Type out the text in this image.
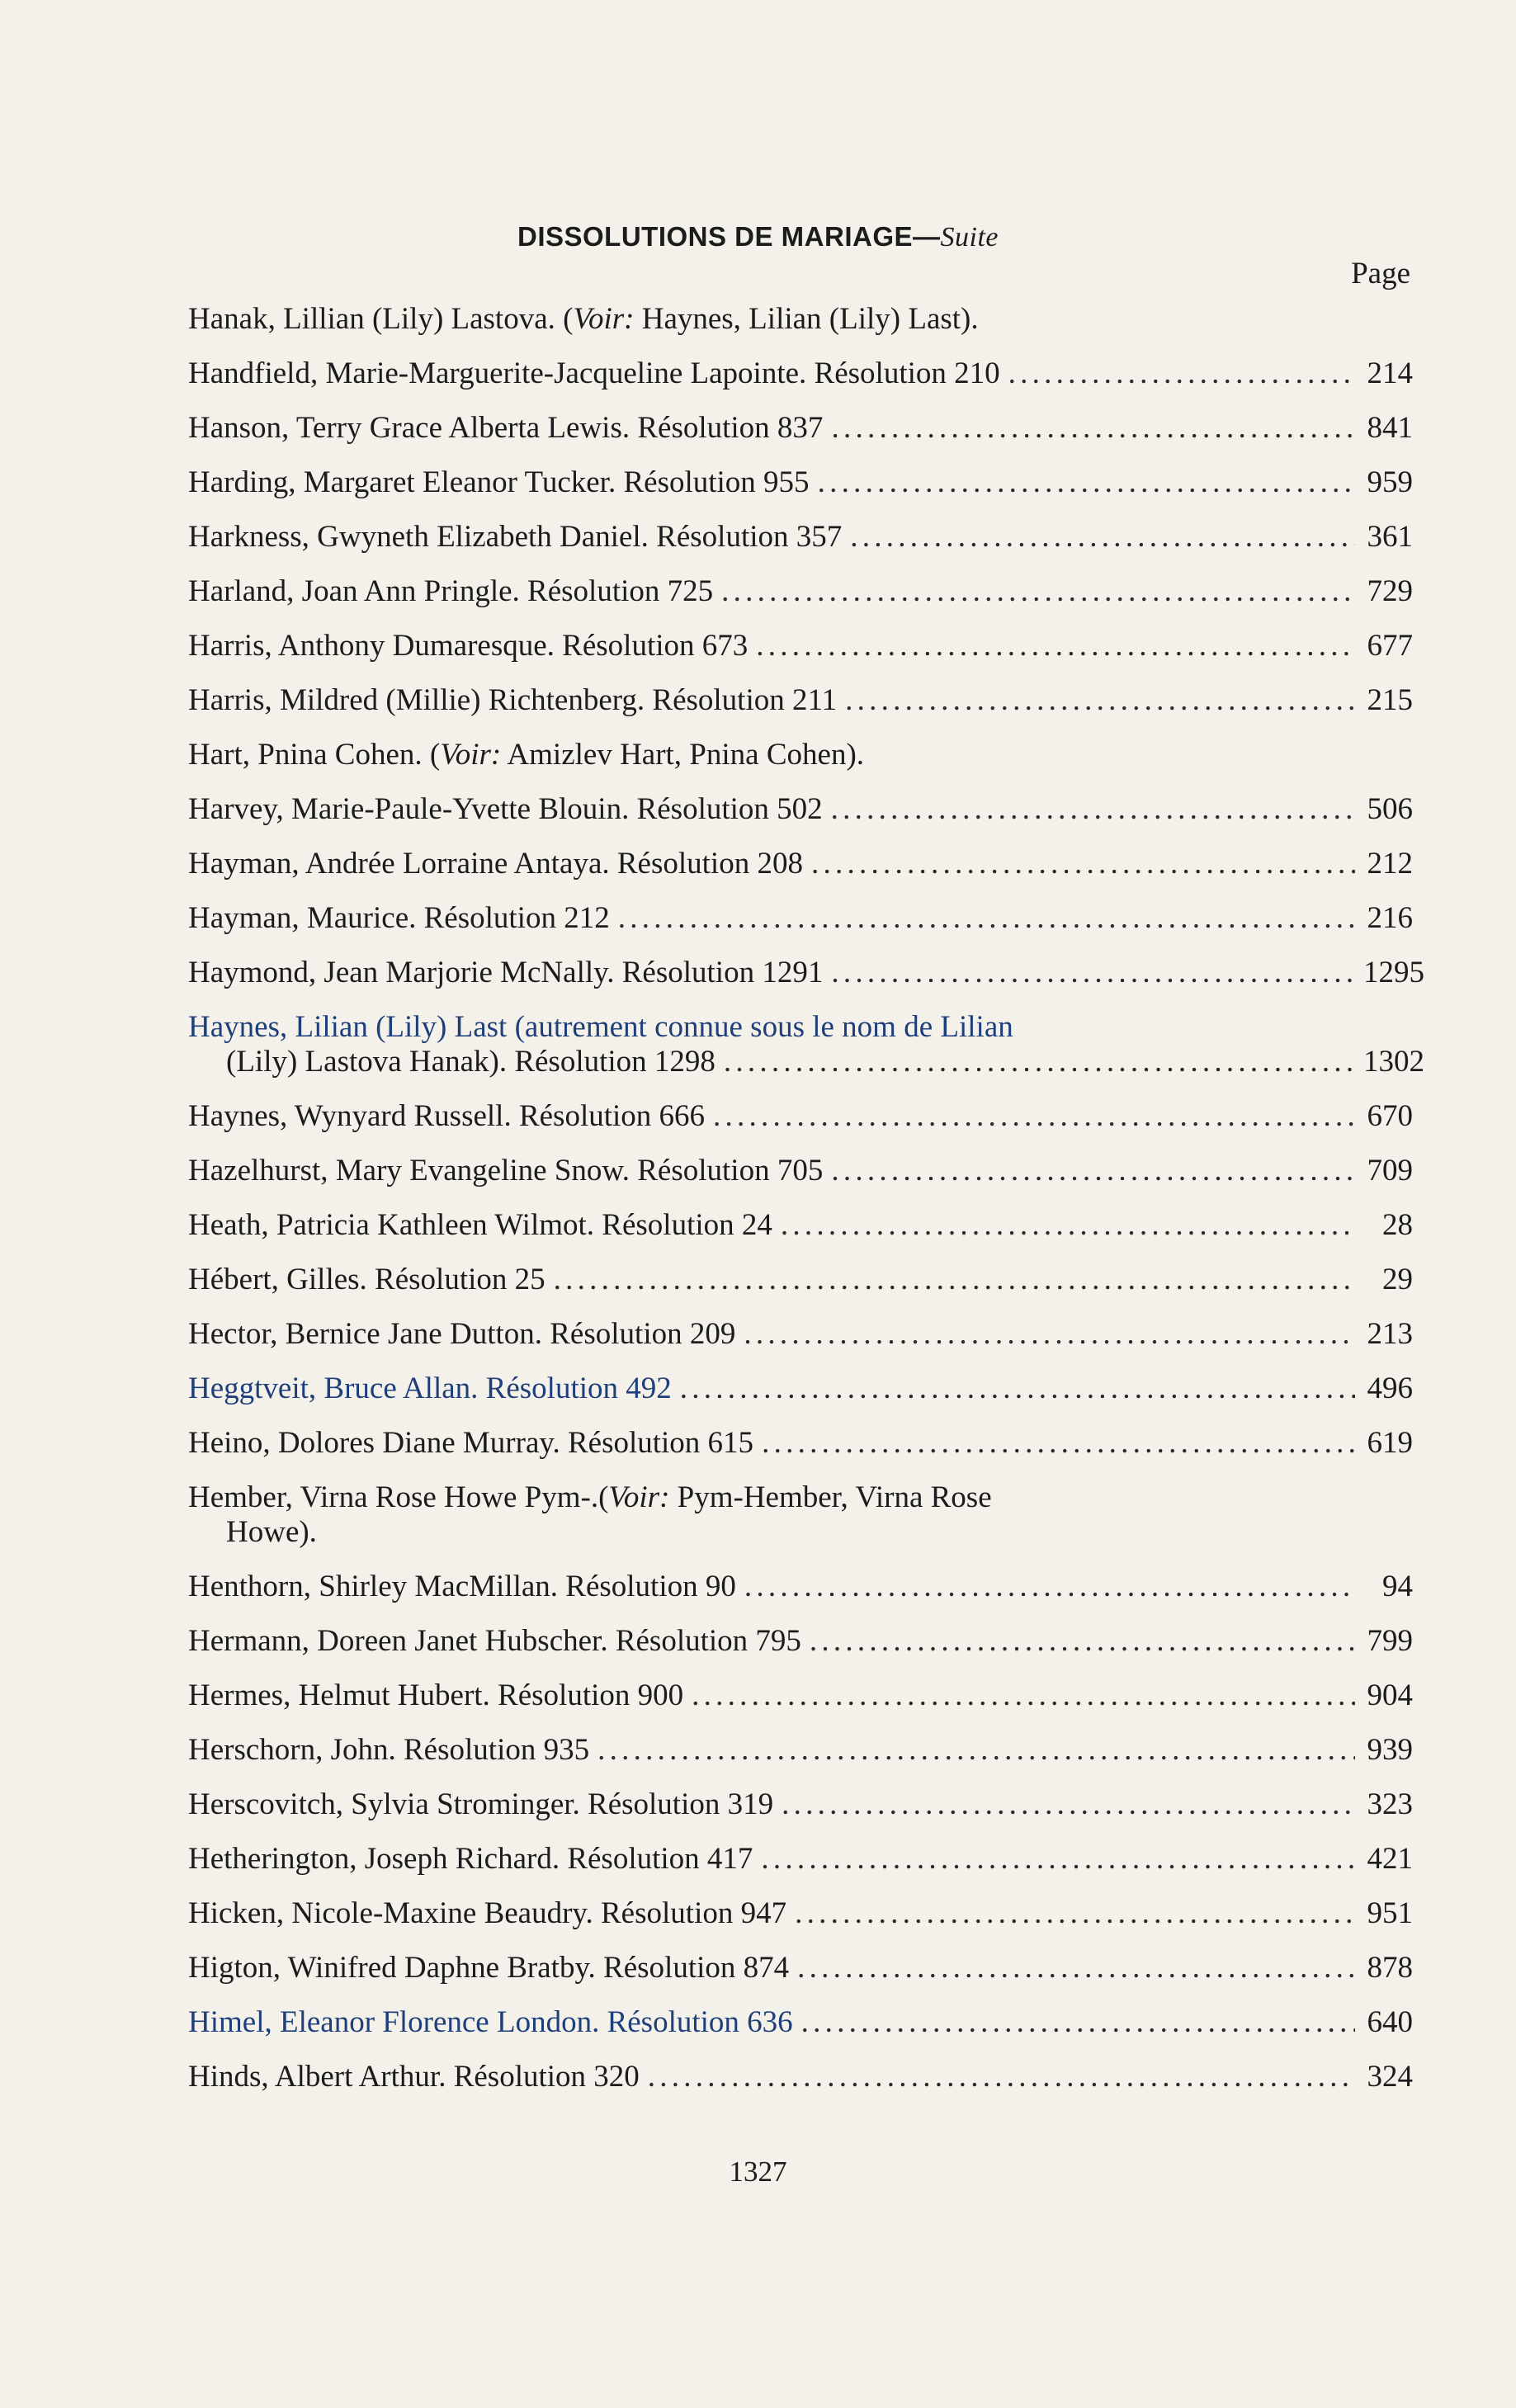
DISSOLUTIONS DE MARIAGE—Suite
Page
Hanak, Lillian (Lily) Lastova. (Voir: Haynes, Lilian (Lily) Last).
Handfield, Marie-Marguerite-Jacqueline Lapointe. Résolution 210 . . .	214
Hanson, Terry Grace Alberta Lewis. Résolution 837 . . .	841
Harding, Margaret Eleanor Tucker. Résolution 955 . . .	959
Harkness, Gwyneth Elizabeth Daniel. Résolution 357 . . .	361
Harland, Joan Ann Pringle. Résolution 725 . . .	729
Harris, Anthony Dumaresque. Résolution 673 . . .	677
Harris, Mildred (Millie) Richtenberg. Résolution 211 . . .	215
Hart, Pnina Cohen. (Voir: Amizlev Hart, Pnina Cohen).
Harvey, Marie-Paule-Yvette Blouin. Résolution 502 . . .	506
Hayman, Andrée Lorraine Antaya. Résolution 208 . . .	212
Hayman, Maurice. Résolution 212 . . .	216
Haymond, Jean Marjorie McNally. Résolution 1291 . . .	1295
Haynes, Lilian (Lily) Last (autrement connue sous le nom de Lilian
(Lily) Lastova Hanak). Résolution 1298 . . .	1302
Haynes, Wynyard Russell. Résolution 666 . . .	670
Hazelhurst, Mary Evangeline Snow. Résolution 705 . . .	709
Heath, Patricia Kathleen Wilmot. Résolution 24 . . .	28
Hébert, Gilles. Résolution 25 . . .	29
Hector, Bernice Jane Dutton. Résolution 209 . . .	213
Heggtveit, Bruce Allan. Résolution 492 . . .	496
Heino, Dolores Diane Murray. Résolution 615 . . .	619
Hember, Virna Rose Howe Pym-.(Voir: Pym-Hember, Virna Rose
Howe).
Henthorn, Shirley MacMillan. Résolution 90 . . .	94
Hermann, Doreen Janet Hubscher. Résolution 795 . . .	799
Hermes, Helmut Hubert. Résolution 900 . . .	904
Herschorn, John. Résolution 935 . . .	939
Herscovitch, Sylvia Strominger. Résolution 319 . . .	323
Hetherington, Joseph Richard. Résolution 417 . . .	421
Hicken, Nicole-Maxine Beaudry. Résolution 947 . . .	951
Higton, Winifred Daphne Bratby. Résolution 874 . . .	878
Himel, Eleanor Florence London. Résolution 636 . . .	640
Hinds, Albert Arthur. Résolution 320 . . .	324
1327
